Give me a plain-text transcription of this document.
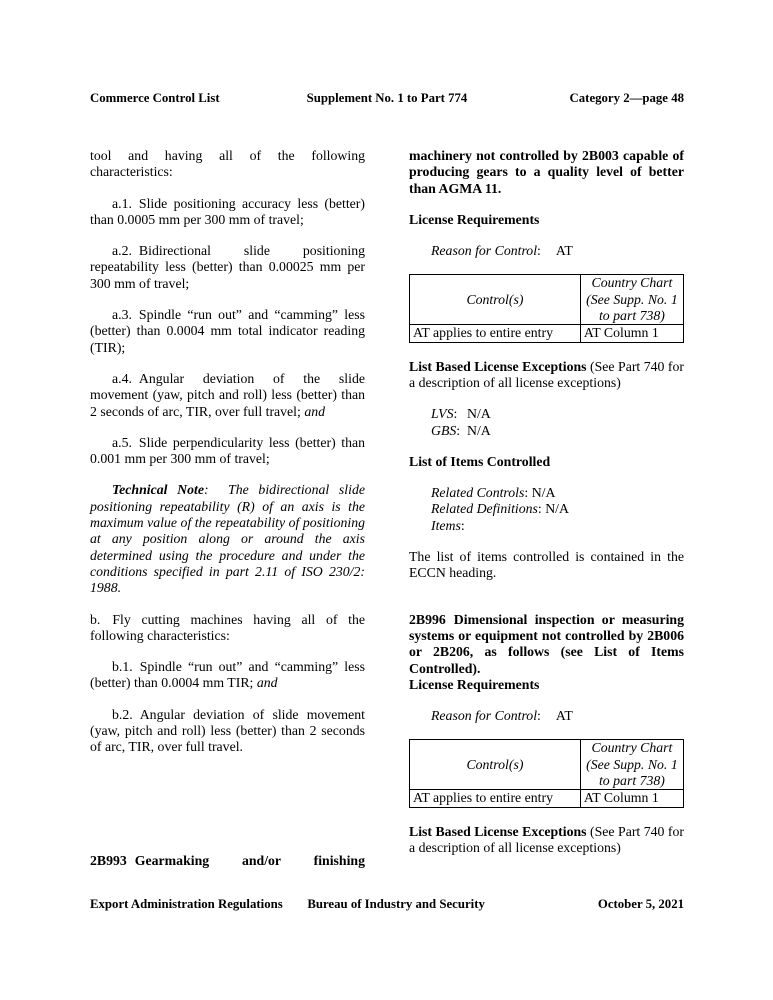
Commerce Control List	Supplement No. 1 to Part 774	Category 2—page 48

tool and having all of the following characteristics:

a.1. Slide positioning accuracy less (better) than 0.0005 mm per 300 mm of travel;

a.2. Bidirectional slide positioning repeatability less (better) than 0.00025 mm per 300 mm of travel;

a.3. Spindle “run out” and “camming” less (better) than 0.0004 mm total indicator reading (TIR);

a.4. Angular deviation of the slide movement (yaw, pitch and roll) less (better) than 2 seconds of arc, TIR, over full travel; and

a.5. Slide perpendicularity less (better) than 0.001 mm per 300 mm of travel;

Technical Note:  The bidirectional slide positioning repeatability (R) of an axis is the maximum value of the repeatability of positioning at any position along or around the axis determined using the procedure and under the conditions specified in part 2.11 of ISO 230/2: 1988.

b. Fly cutting machines having all of the following characteristics:

b.1. Spindle “run out” and “camming” less (better) than 0.0004 mm TIR; and

b.2. Angular deviation of slide movement (yaw, pitch and roll) less (better) than 2 seconds of arc, TIR, over full travel.

2B993 Gearmaking and/or finishing

machinery not controlled by 2B003 capable of producing gears to a quality level of better than AGMA 11.

License Requirements

Reason for Control: AT

Control(s)	Country Chart
(See Supp. No. 1
to part 738)

AT applies to entire entry	AT Column 1

List Based License Exceptions (See Part 740 for a description of all license exceptions)

LVS: N/A
GBS: N/A

List of Items Controlled

Related Controls: N/A
Related Definitions: N/A
Items:

The list of items controlled is contained in the ECCN heading.

2B996 Dimensional inspection or measuring systems or equipment not controlled by 2B006 or 2B206, as follows (see List of Items Controlled).

License Requirements

Reason for Control: AT

Control(s)	Country Chart
(See Supp. No. 1
to part 738)

AT applies to entire entry	AT Column 1

List Based License Exceptions (See Part 740 for a description of all license exceptions)

Export Administration Regulations	Bureau of Industry and Security	October 5, 2021
